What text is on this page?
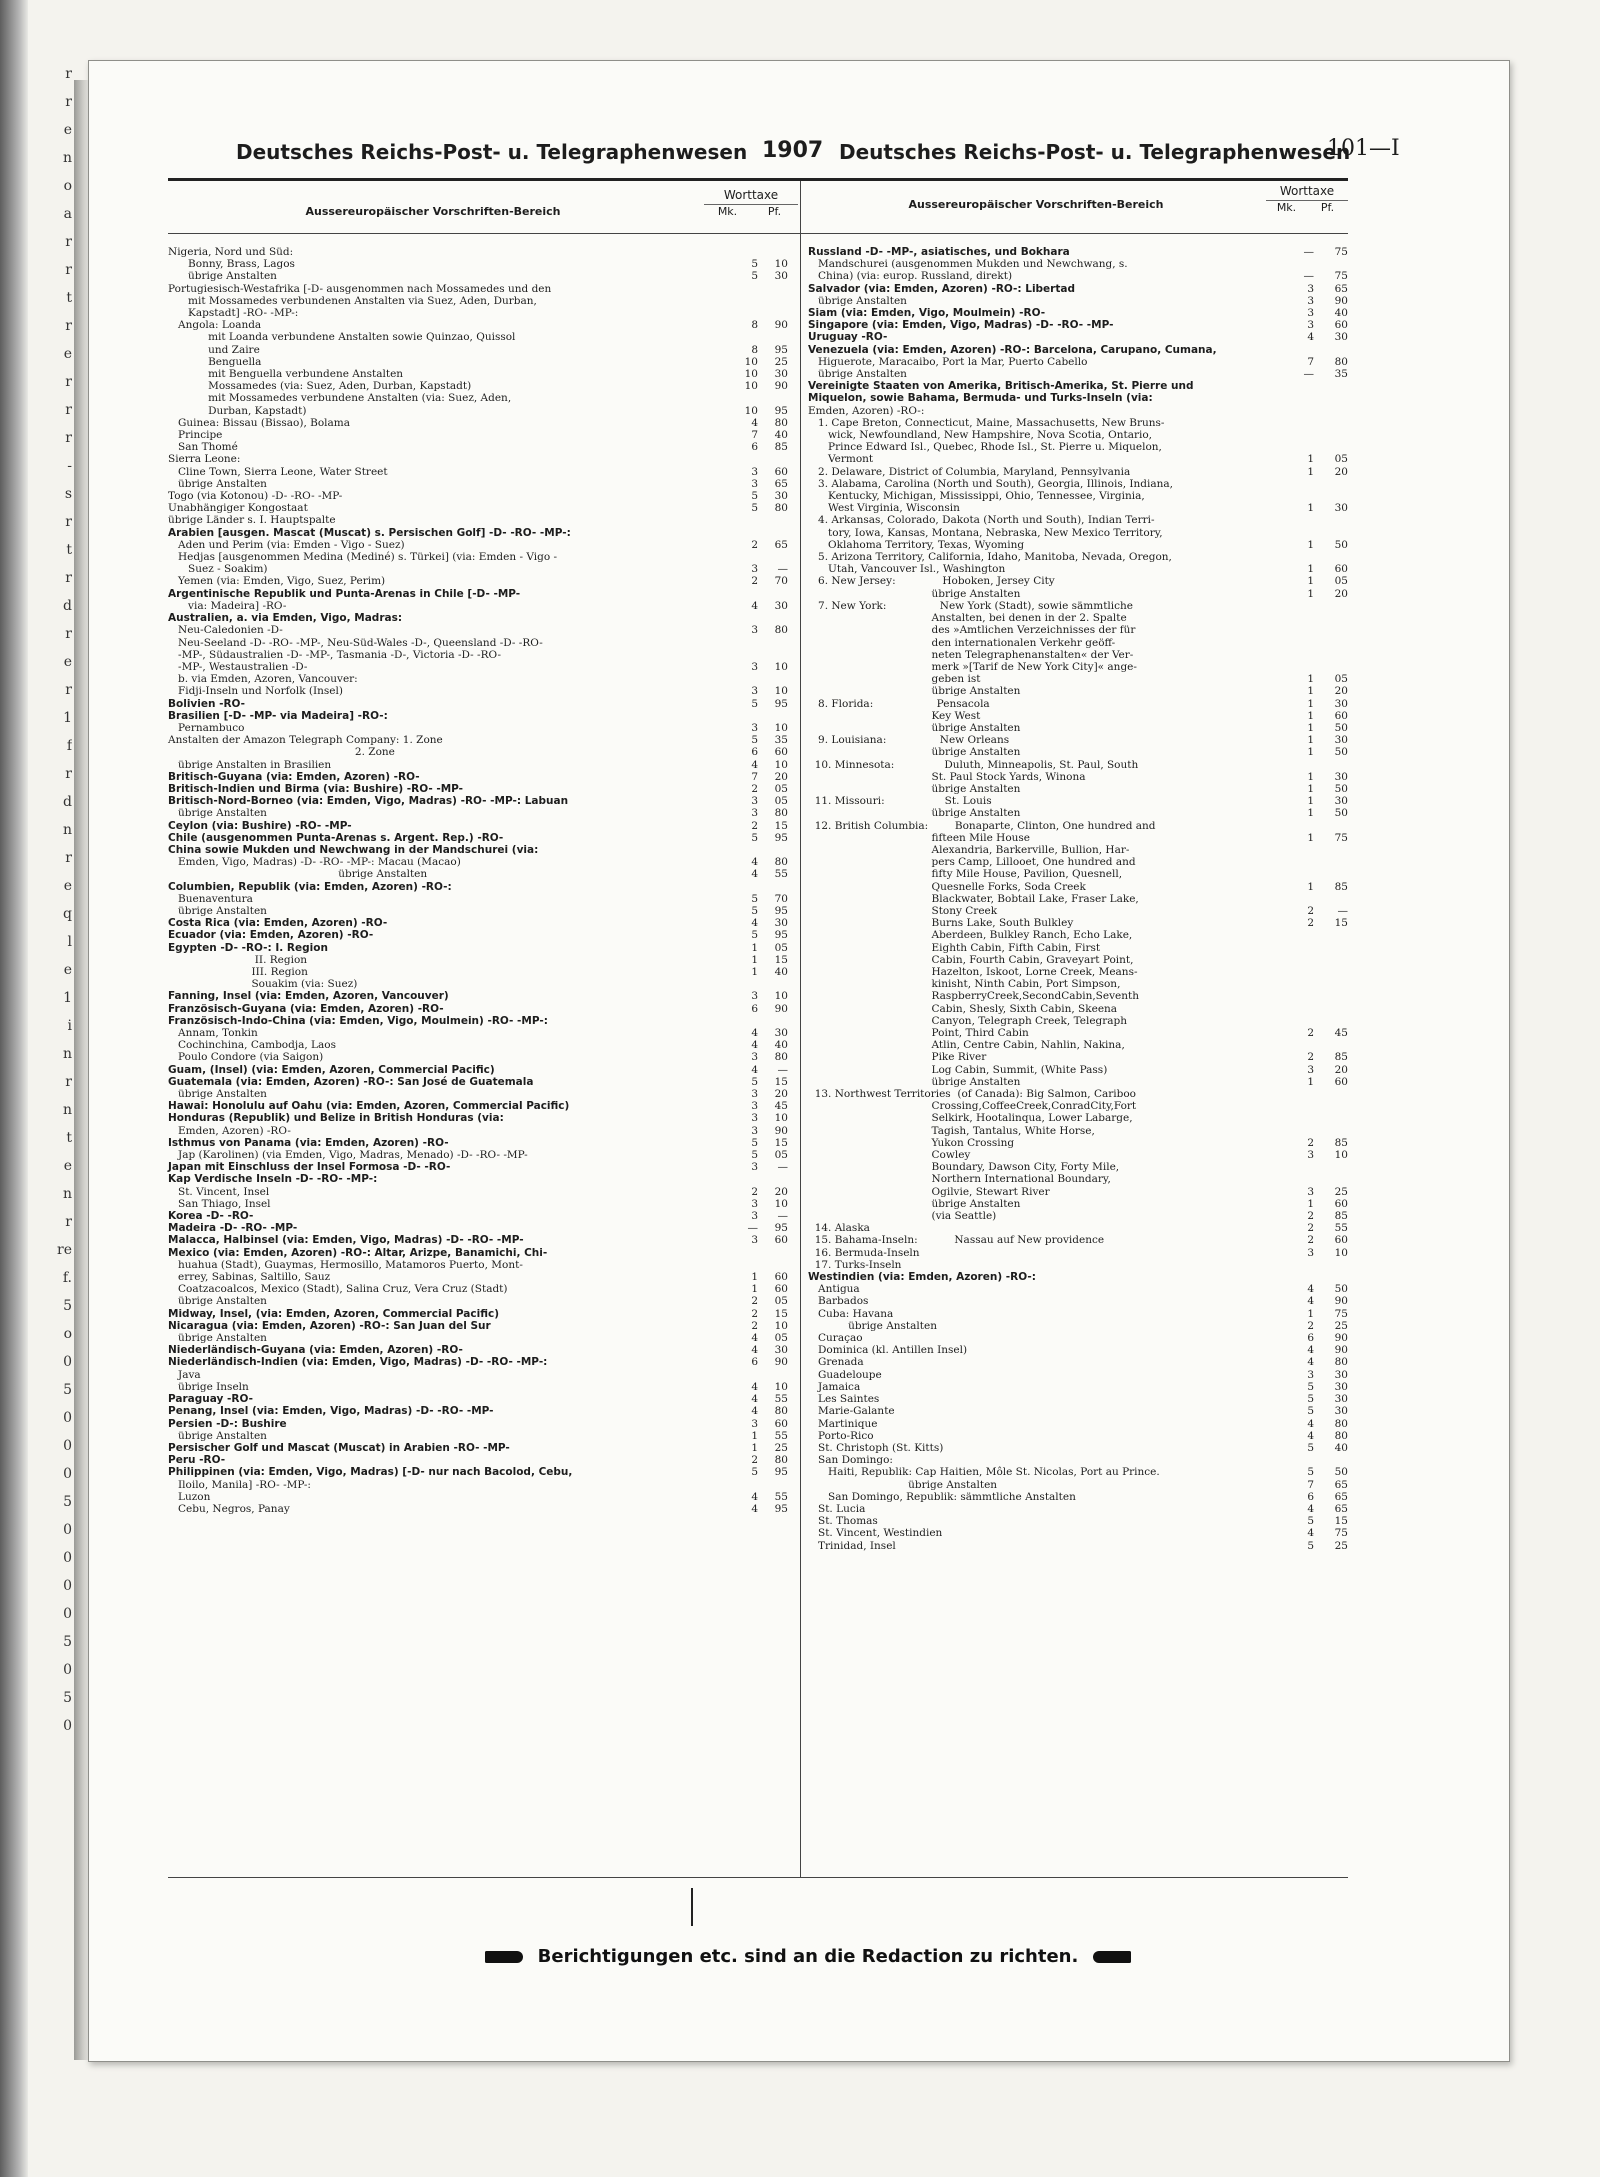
r
r
e
n
o
a
r
r
t
r
e
r
r
r
-
s
r
t
r
d
r
e
r
1
f
r
d
n
r
e
q
l
e
1
i
n
r
n
t
e
n
r
re
f.
5
o
0
5
0
0
0
5
0
0
0
0
5
0
5
0
Deutsches Reichs-Post- u. Telegraphenwesen 1907 Deutsches Reichs-Post- u. Telegraphenwesen
101—I
Aussereuropäischer Vorschriften-Bereich
Worttaxe
Mk.	Pf.
Aussereuropäischer Vorschriften-Bereich
Worttaxe
Mk.	Pf.
Nigeria, Nord und Süd:
Bonny, Brass, Lagos	5	10
übrige Anstalten	5	30
Portugiesisch-Westafrika [-D- ausgenommen nach Mossamedes und den
mit Mossamedes verbundenen Anstalten via Suez, Aden, Durban,
Kapstadt] -RO- -MP-:
Angola: Loanda	8	90
mit Loanda verbundene Anstalten sowie Quinzao, Quissol
und Zaire	8	95
Benguella	10	25
mit Benguella verbundene Anstalten	10	30
Mossamedes (via: Suez, Aden, Durban, Kapstadt)	10	90
mit Mossamedes verbundene Anstalten (via: Suez, Aden,
Durban, Kapstadt)	10	95
Guinea: Bissau (Bissao), Bolama	4	80
Principe	7	40
San Thomé	6	85
Sierra Leone:
Cline Town, Sierra Leone, Water Street	3	60
übrige Anstalten	3	65
Togo (via Kotonou) -D- -RO- -MP-	5	30
Unabhängiger Kongostaat	5	80
übrige Länder s. I. Hauptspalte
Arabien [ausgen. Mascat (Muscat) s. Persischen Golf] -D- -RO- -MP-:
Aden und Perim (via: Emden - Vigo - Suez)	2	65
Hedjas [ausgenommen Medina (Mediné) s. Türkei] (via: Emden - Vigo -
Suez - Soakim)	3	—
Yemen (via: Emden, Vigo, Suez, Perim)	2	70
Argentinische Republik und Punta-Arenas in Chile [-D- -MP-
via: Madeira] -RO-	4	30
Australien, a. via Emden, Vigo, Madras:
Neu-Caledonien -D-	3	80
Neu-Seeland -D- -RO- -MP-, Neu-Süd-Wales -D-, Queensland -D- -RO-
-MP-, Südaustralien -D- -MP-, Tasmania -D-, Victoria -D- -RO-
-MP-, Westaustralien -D-	3	10
b. via Emden, Azoren, Vancouver:
Fidji-Inseln und Norfolk (Insel)	3	10
Bolivien -RO-	5	95
Brasilien [-D- -MP- via Madeira] -RO-:
Pernambuco	3	10
Anstalten der Amazon Telegraph Company: 1. Zone	5	35
2. Zone	6	60
übrige Anstalten in Brasilien	4	10
Britisch-Guyana (via: Emden, Azoren) -RO-	7	20
Britisch-Indien und Birma (via: Bushire) -RO- -MP-	2	05
Britisch-Nord-Borneo (via: Emden, Vigo, Madras) -RO- -MP-: Labuan	3	05
übrige Anstalten	3	80
Ceylon (via: Bushire) -RO- -MP-	2	15
Chile (ausgenommen Punta-Arenas s. Argent. Rep.) -RO-	5	95
China sowie Mukden und Newchwang in der Mandschurei (via:
Emden, Vigo, Madras) -D- -RO- -MP-: Macau (Macao)	4	80
übrige Anstalten	4	55
Columbien, Republik (via: Emden, Azoren) -RO-:
Buenaventura	5	70
übrige Anstalten	5	95
Costa Rica (via: Emden, Azoren) -RO-	4	30
Ecuador (via: Emden, Azoren) -RO-	5	95
Egypten -D- -RO-: I. Region	1	05
II. Region	1	15
III. Region	1	40
Souakim (via: Suez)
Fanning, Insel (via: Emden, Azoren, Vancouver)	3	10
Französisch-Guyana (via: Emden, Azoren) -RO-	6	90
Französisch-Indo-China (via: Emden, Vigo, Moulmein) -RO- -MP-:
Annam, Tonkin	4	30
Cochinchina, Cambodja, Laos	4	40
Poulo Condore (via Saigon)	3	80
Guam, (Insel) (via: Emden, Azoren, Commercial Pacific)	4	—
Guatemala (via: Emden, Azoren) -RO-: San José de Guatemala	5	15
übrige Anstalten	3	20
Hawai: Honolulu auf Oahu (via: Emden, Azoren, Commercial Pacific)	3	45
Honduras (Republik) und Belize in British Honduras (via:	3	10
Emden, Azoren) -RO-	3	90
Isthmus von Panama (via: Emden, Azoren) -RO-	5	15
Jap (Karolinen) (via Emden, Vigo, Madras, Menado) -D- -RO- -MP-	5	05
Japan mit Einschluss der Insel Formosa -D- -RO-	3	—
Kap Verdische Inseln -D- -RO- -MP-:
St. Vincent, Insel	2	20
San Thiago, Insel	3	10
Korea -D- -RO-	3	—
Madeira -D- -RO- -MP-	—	95
Malacca, Halbinsel (via: Emden, Vigo, Madras) -D- -RO- -MP-	3	60
Mexico (via: Emden, Azoren) -RO-: Altar, Arizpe, Banamichi, Chi-
huahua (Stadt), Guaymas, Hermosillo, Matamoros Puerto, Mont-
errey, Sabinas, Saltillo, Sauz	1	60
Coatzacoalcos, Mexico (Stadt), Salina Cruz, Vera Cruz (Stadt)	1	60
übrige Anstalten	2	05
Midway, Insel, (via: Emden, Azoren, Commercial Pacific)	2	15
Nicaragua (via: Emden, Azoren) -RO-: San Juan del Sur	2	10
übrige Anstalten	4	05
Niederländisch-Guyana (via: Emden, Azoren) -RO-	4	30
Niederländisch-Indien (via: Emden, Vigo, Madras) -D- -RO- -MP-:	6	90
Java
übrige Inseln	4	10
Paraguay -RO-	4	55
Penang, Insel (via: Emden, Vigo, Madras) -D- -RO- -MP-	4	80
Persien -D-: Bushire	3	60
übrige Anstalten	1	55
Persischer Golf und Mascat (Muscat) in Arabien -RO- -MP-	1	25
Peru -RO-	2	80
Philippinen (via: Emden, Vigo, Madras) [-D- nur nach Bacolod, Cebu,	5	95
Iloilo, Manila] -RO- -MP-:
Luzon	4	55
Cebu, Negros, Panay	4	95
Russland -D- -MP-, asiatisches, und Bokhara	—	75
Mandschurei (ausgenommen Mukden und Newchwang, s.
China) (via: europ. Russland, direkt)	—	75
Salvador (via: Emden, Azoren) -RO-: Libertad	3	65
übrige Anstalten	3	90
Siam (via: Emden, Vigo, Moulmein) -RO-	3	40
Singapore (via: Emden, Vigo, Madras) -D- -RO- -MP-	3	60
Uruguay -RO-	4	30
Venezuela (via: Emden, Azoren) -RO-: Barcelona, Carupano, Cumana,
Higuerote, Maracaibo, Port la Mar, Puerto Cabello	7	80
übrige Anstalten	—	35
Vereinigte Staaten von Amerika, Britisch-Amerika, St. Pierre und
Miquelon, sowie Bahama, Bermuda- und Turks-Inseln (via:
Emden, Azoren) -RO-:
1. Cape Breton, Connecticut, Maine, Massachusetts, New Bruns-
wick, Newfoundland, New Hampshire, Nova Scotia, Ontario,
Prince Edward Isl., Quebec, Rhode Isl., St. Pierre u. Miquelon,
Vermont	1	05
2. Delaware, District of Columbia, Maryland, Pennsylvania	1	20
3. Alabama, Carolina (North und South), Georgia, Illinois, Indiana,
Kentucky, Michigan, Mississippi, Ohio, Tennessee, Virginia,
West Virginia, Wisconsin	1	30
4. Arkansas, Colorado, Dakota (North und South), Indian Terri-
tory, Iowa, Kansas, Montana, Nebraska, New Mexico Territory,
Oklahoma Territory, Texas, Wyoming	1	50
5. Arizona Territory, California, Idaho, Manitoba, Nevada, Oregon,
Utah, Vancouver Isl., Washington	1	60
6. New Jersey:              Hoboken, Jersey City	1	05
übrige Anstalten	1	20
7. New York:                New York (Stadt), sowie sämmtliche
Anstalten, bei denen in der 2. Spalte
des »Amtlichen Verzeichnisses der für
den internationalen Verkehr geöff-
neten Telegraphenanstalten« der Ver-
merk »[Tarif de New York City]« ange-
geben ist	1	05
übrige Anstalten	1	20
8. Florida:                   Pensacola	1	30
Key West	1	60
übrige Anstalten	1	50
9. Louisiana:                New Orleans	1	30
übrige Anstalten	1	50
10. Minnesota:               Duluth, Minneapolis, St. Paul, South
St. Paul Stock Yards, Winona	1	30
übrige Anstalten	1	50
11. Missouri:                  St. Louis	1	30
übrige Anstalten	1	50
12. British Columbia:        Bonaparte, Clinton, One hundred and
fifteen Mile House	1	75
Alexandria, Barkerville, Bullion, Har-
pers Camp, Lillooet, One hundred and
fifty Mile House, Pavilion, Quesnell,
Quesnelle Forks, Soda Creek	1	85
Blackwater, Bobtail Lake, Fraser Lake,
Stony Creek	2	—
Burns Lake, South Bulkley	2	15
Aberdeen, Bulkley Ranch, Echo Lake,
Eighth Cabin, Fifth Cabin, First
Cabin, Fourth Cabin, Graveyart Point,
Hazelton, Iskoot, Lorne Creek, Means-
kinisht, Ninth Cabin, Port Simpson,
RaspberryCreek,SecondCabin,Seventh
Cabin, Shesly, Sixth Cabin, Skeena
Canyon, Telegraph Creek, Telegraph
Point, Third Cabin	2	45
Atlin, Centre Cabin, Nahlin, Nakina,
Pike River	2	85
Log Cabin, Summit, (White Pass)	3	20
übrige Anstalten	1	60
13. Northwest Territories  (of Canada): Big Salmon, Cariboo
Crossing,CoffeeCreek,ConradCity,Fort
Selkirk, Hootalinqua, Lower Labarge,
Tagish, Tantalus, White Horse,
Yukon Crossing	2	85
Cowley	3	10
Boundary, Dawson City, Forty Mile,
Northern International Boundary,
Ogilvie, Stewart River	3	25
übrige Anstalten	1	60
(via Seattle)	2	85
14. Alaska	2	55
15. Bahama-Inseln:           Nassau auf New providence	2	60
16. Bermuda-Inseln	3	10
17. Turks-Inseln
Westindien (via: Emden, Azoren) -RO-:
Antigua	4	50
Barbados	4	90
Cuba: Havana	1	75
übrige Anstalten	2	25
Curaçao	6	90
Dominica (kl. Antillen Insel)	4	90
Grenada	4	80
Guadeloupe	3	30
Jamaica	5	30
Les Saintes	5	30
Marie-Galante	5	30
Martinique	4	80
Porto-Rico	4	80
St. Christoph (St. Kitts)	5	40
San Domingo:
Haiti, Republik: Cap Haitien, Môle St. Nicolas, Port au Prince.	5	50
übrige Anstalten	7	65
San Domingo, Republik: sämmtliche Anstalten	6	65
St. Lucia	4	65
St. Thomas	5	15
St. Vincent, Westindien	4	75
Trinidad, Insel	5	25
Berichtigungen etc. sind an die Redaction zu richten.
